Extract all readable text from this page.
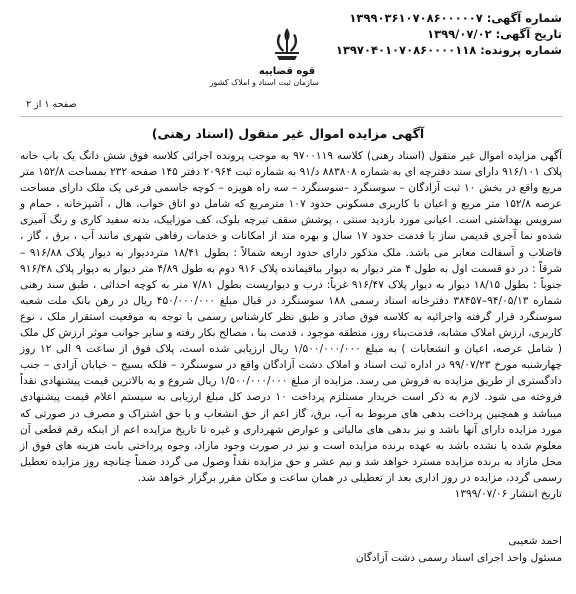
شماره آگهی: ۱۳۹۹۰۳۶۱۰۷۰۸۶۰۰۰۰۰۷
تاریخ آگهی: ۱۳۹۹/۰۷/۰۲
شماره پرونده: ۱۳۹۷۰۴۰۱۰۷۰۸۶۰۰۰۰۱۱۸
قوه قضاییه
سازمان ثبت اسناد و املاک کشور
صفحه ۱ از ۲
آگهی مزایده اموال غیر منقول (اسناد رهنی)

آگهی مزایده اموال غیر منقول (اسناد رهنی) کلاسه ۹۷۰۰۱۱۹ به موجب پرونده اجرائی کلاسه فوق شش دانگ یک باب خانه پلاک ۹۱۶/۱۰۱ دارای سند دفترچه ای به شماره ۸۸۳۸۰۸ د/۹۱ به شماره ثبت ۲۰۹۶۴ دفتر ۱۴۵ صفحه ۲۳۲ بمساحت ۱۵۲/۸ متر مربع واقع در بخش ۱۰ ثبت آزادگان – سوسنگرد –سوسنگرد – سه راه هویزه – کوچه جاسمی فرعی یک ملک دارای مساحت عرصه ۱۵۲/۸ متر مربع و اعیان با کاربری مسکونی حدود ۱۰۷ مترمربع که شامل دو اتاق خواب، هال ، آشپزخانه ، حمام و سرویس بهداشتی است. اعیانی مورد بازدید سنتی ، پوشش سقف تیرچه بلوک، کف موزاییک، بدنه سفید کاری و رنگ آمیزی شده‌و نما آجری قدیمی ساز با قدمت حدود ۱۷ سال و بهره مند از امکانات و خدمات رفاهی شهری مانند آب ، برق ، گاز ، فاضلاب و آسفالت معابر می باشد. ملک مذکور دارای حدود اربعه شمالاً : بطول ۱۸/۴۱ مترددیوار به دیوار پلاک ۹۱۶/۸۸ – شرقاً : در دو قسمت اول به طول ۴ متر دیوار به دیوار بباقیمانده پلاک ۹۱۶ دوم به طول ۴/۸۹ متر دیوار به دیوار پلاک ۹۱۶/۴۸ جنوباً : بطول ۱۸/۱۵ دیوار به دیوار پلاک ۹۱۶/۴۷ غرباً: درب و دیواریست بطول ۷/۸۱ متر به کوچه احداثی ، طبق سند رهنی شماره ۹۴/۰۵/۱۳–۳۸۴۵۷ دفترخانه اسناد رسمی ۱۸۸ سوسنگرد در قبال مبلغ ۴۵۰/۰۰۰/۰۰۰ ریال در رهن بانک ملت شعبه سوسنگرد قرار گرفته واجرائیه به کلاسه فوق صادر و طبق نظر کارشناس رسمی با توجه به موقعیت استقرار ملک ، نوع کاربری، ارزش املاک مشابه، قدمت‌بناء روز، منطقه موجود ، قدمت بنا ، مصالح بکار رفته و سایر جوانب موثر ارزش کل ملک ( شامل عرصه، اعیان و انشعابات ) به مبلغ ۱/۵۰۰/۰۰۰/۰۰۰ ریال ارزیابی شده است، پلاک فوق از ساعت ۹ الی ۱۲ روز چهارشنبه مورخ ۹۹/۰۷/۲۳ در اداره ثبت اسناد و املاک دشت آزادگان واقع در سوسنگرد – فلکه بسیج – خیابان آزادی – جنب دادگستری از طریق مزایده به فروش می رسد. مزایده از مبلغ ۱/۵۰۰/۰۰۰/۰۰۰ ریال شروع و به بالاترین قیمت پیشنهادی نقداً فروخته می شود. لازم به ذکر است خریدار مستلزم پرداخت ۱۰ درصد کل مبلغ ارزیابی به سیستم اعلام قیمت پیشنهادی میباشد و همچنین پرداخت بدهی های مربوط به آب، برق، گاز اعم از حق انشعاب و یا حق اشتراک و مصرف در صورتی که مورد مزایده دارای آنها باشد و نیز بدهی های مالیاتی و عوارض شهرداری و غیره تا تاریخ مزایده اعم از اینکه رقم قطعی آن معلوم شده یا نشده باشد به عهده برنده مزایده است و نیز در صورت وجود مازاد، وجوه پرداختی بابت هزینه های فوق از محل مازاد به برنده مزایده مسترد خواهد شد و نیم عشر و حق مزایده نقداً وصول می گردد ضمناً چنانچه روز مزایده تعطیل رسمی گردد، مزایده در روز اداری بعد از تعطیلی در همان ساعت و مکان مقرر برگزار خواهد شد.

تاریخ انتشار ۱۳۹۹/۰۷/۰۶

احمد شعیبی
مسئول واحد اجرای اسناد رسمی دشت آزادگان
